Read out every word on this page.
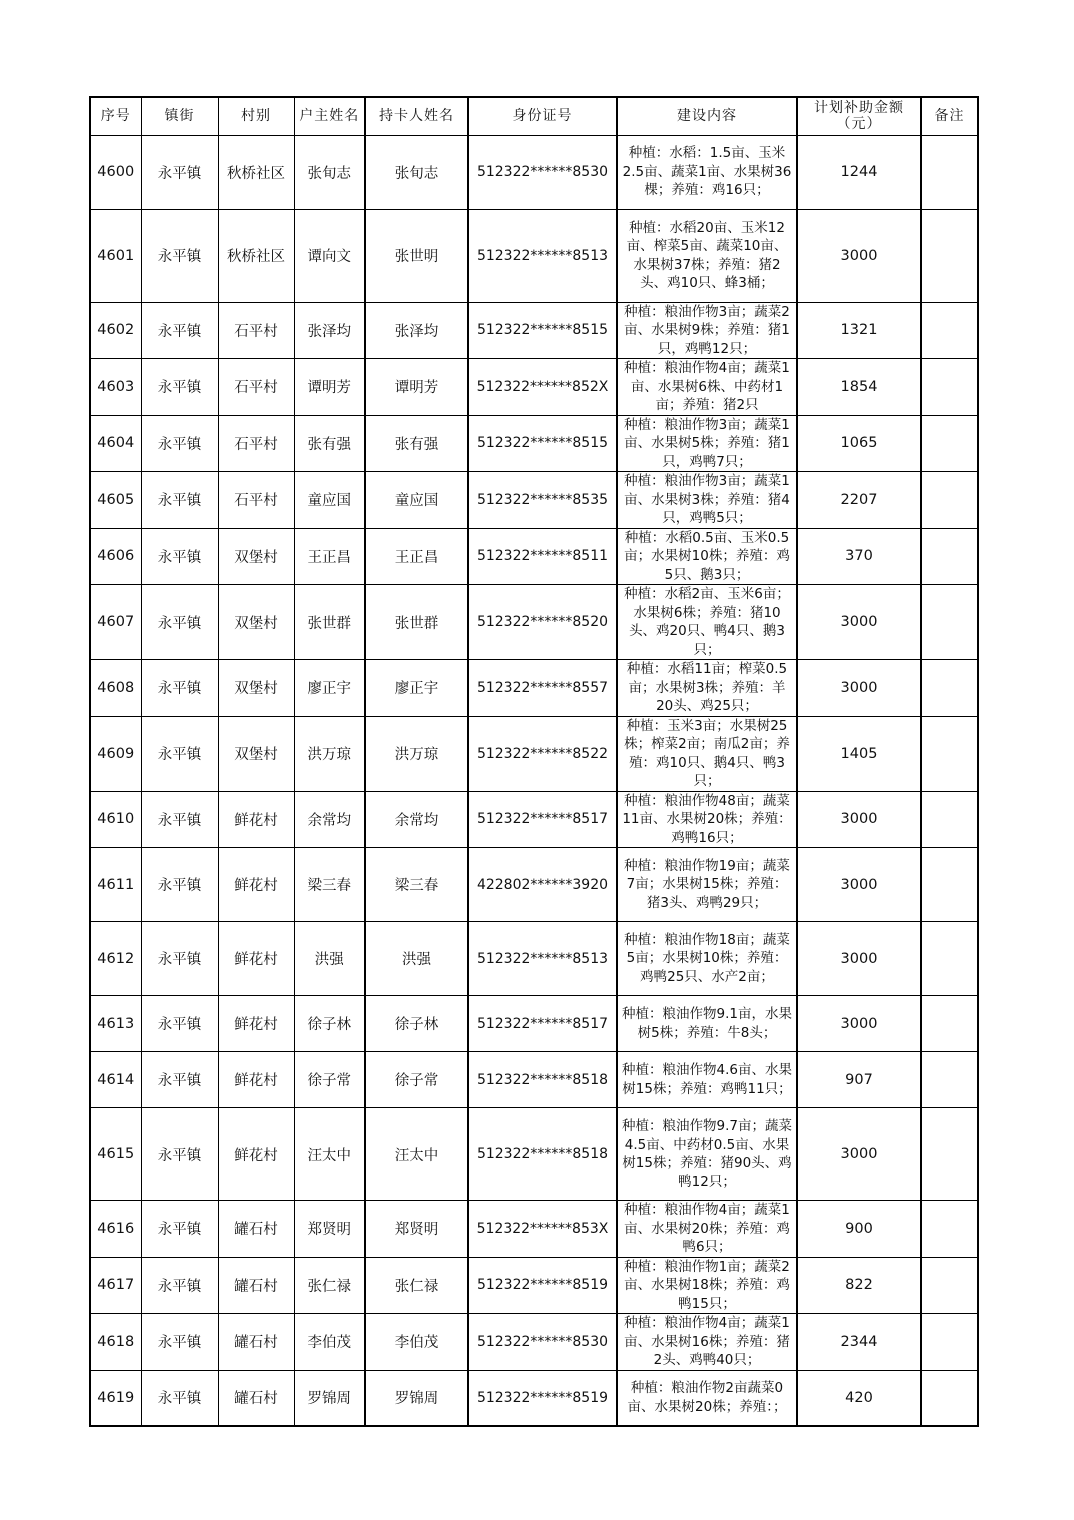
序号	镇街	村别	户主姓名	持卡人姓名	身份证号	建设内容	计划补助金额（元）	备注
4600	永平镇	秋桥社区	张旬志	张旬志	512322******8530	种植：水稻：1.5亩、玉米2.5亩、蔬菜1亩、水果树36棵；养殖：鸡16只；	1244	
4601	永平镇	秋桥社区	谭向文	张世明	512322******8513	种植：水稻20亩、玉米12亩、榨菜5亩、蔬菜10亩、水果树37株；养殖：猪2头、鸡10只、蜂3桶；	3000	
4602	永平镇	石平村	张泽均	张泽均	512322******8515	种植：粮油作物3亩；蔬菜2亩、水果树9株；养殖：猪1只，鸡鸭12只；	1321	
4603	永平镇	石平村	谭明芳	谭明芳	512322******852X	种植：粮油作物4亩；蔬菜1亩、水果树6株、中药材1亩；养殖：猪2只	1854	
4604	永平镇	石平村	张有强	张有强	512322******8515	种植：粮油作物3亩；蔬菜1亩、水果树5株；养殖：猪1只，鸡鸭7只；	1065	
4605	永平镇	石平村	童应国	童应国	512322******8535	种植：粮油作物3亩；蔬菜1亩、水果树3株；养殖：猪4只，鸡鸭5只；	2207	
4606	永平镇	双堡村	王正昌	王正昌	512322******8511	种植：水稻0.5亩、玉米0.5亩；水果树10株；养殖：鸡5只、鹅3只；	370	
4607	永平镇	双堡村	张世群	张世群	512322******8520	种植：水稻2亩、玉米6亩；水果树6株；养殖：猪10头、鸡20只、鸭4只、鹅3只；	3000	
4608	永平镇	双堡村	廖正宇	廖正宇	512322******8557	种植：水稻11亩；榨菜0.5亩；水果树3株；养殖：羊20头、鸡25只；	3000	
4609	永平镇	双堡村	洪万琼	洪万琼	512322******8522	种植：玉米3亩；水果树25株；榨菜2亩；南瓜2亩；养殖：鸡10只、鹅4只、鸭3只；	1405	
4610	永平镇	鲜花村	余常均	余常均	512322******8517	种植：粮油作物48亩；蔬菜11亩、水果树20株；养殖：鸡鸭16只；	3000	
4611	永平镇	鲜花村	梁三春	梁三春	422802******3920	种植：粮油作物19亩；蔬菜7亩；水果树15株；养殖：猪3头、鸡鸭29只；	3000	
4612	永平镇	鲜花村	洪强	洪强	512322******8513	种植：粮油作物18亩；蔬菜5亩；水果树10株；养殖：鸡鸭25只、水产2亩；	3000	
4613	永平镇	鲜花村	徐子林	徐子林	512322******8517	种植：粮油作物9.1亩，水果树5株；养殖：牛8头；	3000	
4614	永平镇	鲜花村	徐子常	徐子常	512322******8518	种植：粮油作物4.6亩、水果树15株；养殖：鸡鸭11只；	907	
4615	永平镇	鲜花村	汪太中	汪太中	512322******8518	种植：粮油作物9.7亩；蔬菜4.5亩、中药材0.5亩、水果树15株；养殖：猪90头、鸡鸭12只；	3000	
4616	永平镇	罐石村	郑贤明	郑贤明	512322******853X	种植：粮油作物4亩；蔬菜1亩、水果树20株；养殖：鸡鸭6只；	900	
4617	永平镇	罐石村	张仁禄	张仁禄	512322******8519	种植：粮油作物1亩；蔬菜2亩、水果树18株；养殖：鸡鸭15只；	822	
4618	永平镇	罐石村	李伯茂	李伯茂	512322******8530	种植：粮油作物4亩；蔬菜1亩、水果树16株；养殖：猪2头、鸡鸭40只；	2344	
4619	永平镇	罐石村	罗锦周	罗锦周	512322******8519	种植：粮油作物2亩蔬菜0亩、水果树20株；养殖：；	420	
